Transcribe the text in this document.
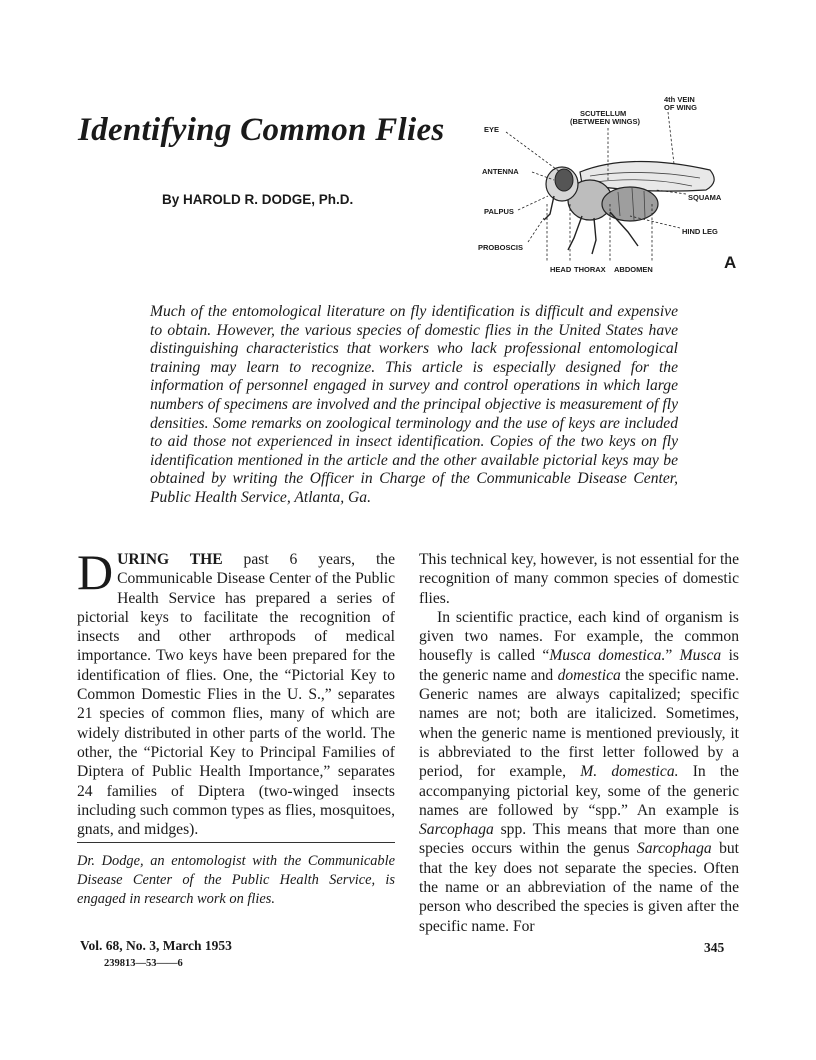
Identifying Common Flies
By HAROLD R. DODGE, Ph.D.
EYE
SCUTELLUM
(BETWEEN WINGS)
4th VEIN
OF WING
ANTENNA
SQUAMA
PALPUS
HIND LEG
PROBOSCIS
HEAD THORAX ABDOMEN	A
Much of the entomological literature on fly identification is difficult and expensive to obtain. However, the various species of domestic flies in the United States have distinguishing characteristics that workers who lack professional entomological training may learn to recognize. This article is especially designed for the information of personnel engaged in survey and control operations in which large numbers of specimens are involved and the principal objective is measurement of fly densities. Some remarks on zoological terminology and the use of keys are included to aid those not experienced in insect identification. Copies of the two keys on fly identification mentioned in the article and the other available pictorial keys may be obtained by writing the Officer in Charge of the Communicable Disease Center, Public Health Service, Atlanta, Ga.

DURING THE past 6 years, the Communicable Disease Center of the Public Health Service has prepared a series of pictorial keys to facilitate the recognition of insects and other arthropods of medical importance. Two keys have been prepared for the identification of flies. One, the “Pictorial Key to Common Domestic Flies in the U. S.,” separates 21 species of common flies, many of which are widely distributed in other parts of the world. The other, the “Pictorial Key to Principal Families of Diptera of Public Health Importance,” separates 24 families of Diptera (two-winged insects including such common types as flies, mosquitoes, gnats, and midges).

Dr. Dodge, an entomologist with the Communicable Disease Center of the Public Health Service, is engaged in research work on flies.

This technical key, however, is not essential for the recognition of many common species of domestic flies.

In scientific practice, each kind of organism is given two names. For example, the common housefly is called “Musca domestica.” Musca is the generic name and domestica the specific name. Generic names are always capitalized; specific names are not; both are italicized. Sometimes, when the generic name is mentioned previously, it is abbreviated to the first letter followed by a period, for example, M. domestica. In the accompanying pictorial key, some of the generic names are followed by “spp.” An example is Sarcophaga spp. This means that more than one species occurs within the genus Sarcophaga but that the key does not separate the species. Often the name or an abbreviation of the name of the person who described the species is given after the specific name. For

Vol. 68, No. 3, March 1953
239813—53——6
345
